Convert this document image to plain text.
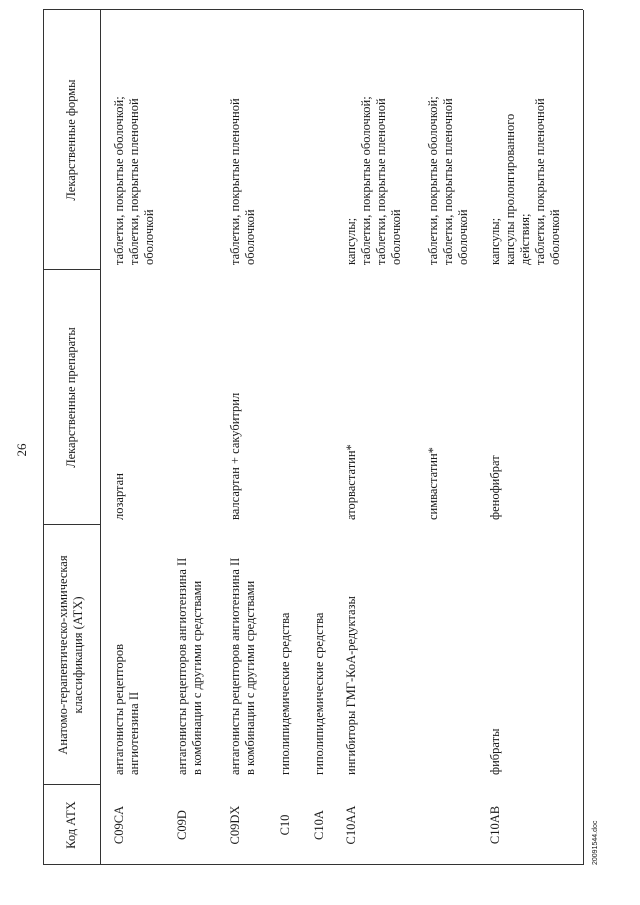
Код АТХ
Анатомо-терапевтическо-химическая классификация (АТХ)
Лекарственные препараты
Лекарственные формы
C09CA
антагонисты рецепторов
ангиотензина II
лозартан
таблетки, покрытые оболочкой;
таблетки, покрытые пленочной
оболочкой
C09D
антагонисты рецепторов ангиотензина II
в комбинации с другими средствами
C09DX
антагонисты рецепторов ангиотензина II
в комбинации с другими средствами
валсартан + сакубитрил
таблетки, покрытые пленочной
оболочкой
C10
гиполипидемические средства
C10A
гиполипидемические средства
C10AA
ингибиторы ГМГ-КоА-редуктазы
аторвастатин*
капсулы;
таблетки, покрытые оболочкой;
таблетки, покрытые пленочной
оболочкой
симвастатин*
таблетки, покрытые оболочкой;
таблетки, покрытые пленочной
оболочкой
C10AB
фибраты
фенофибрат
капсулы;
капсулы пролонгированного
действия;
таблетки, покрытые пленочной
оболочкой
26
20091544.doc
